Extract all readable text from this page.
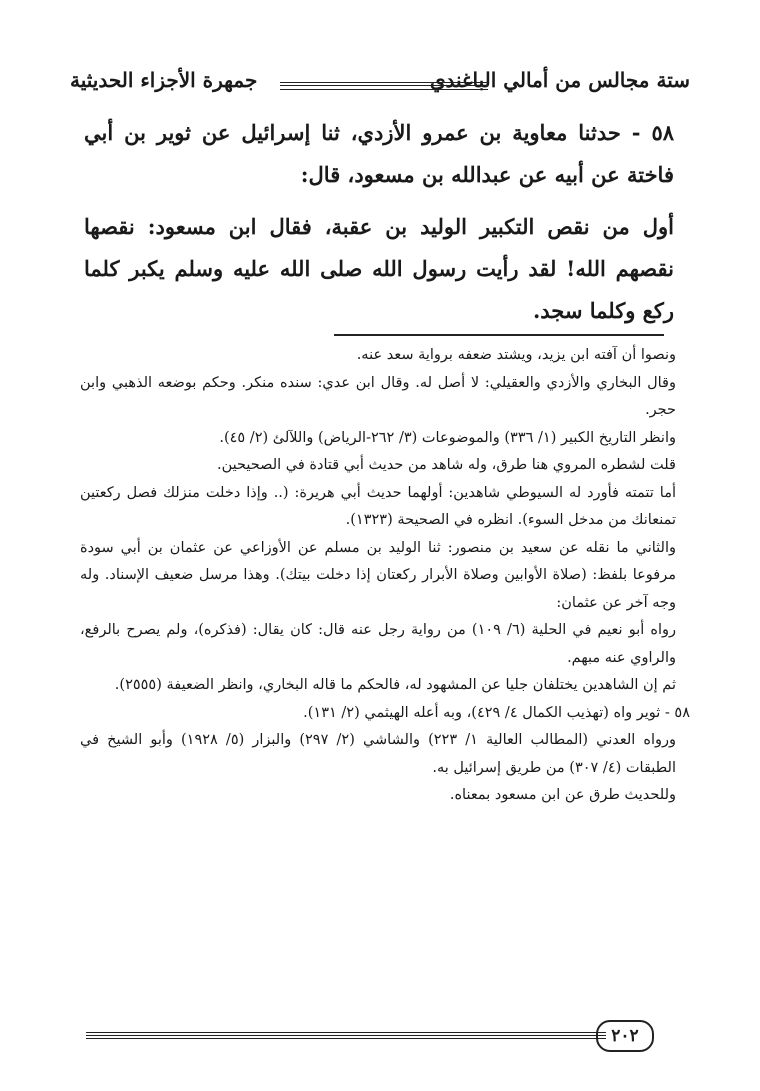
ستة مجالس من أمالي الباغندي
جمهرة الأجزاء الحديثية

٥٨ - حدثنا معاوية بن عمرو الأزدي، ثنا إسرائيل عن ثوير بن أبي فاختة عن أبيه عن عبدالله بن مسعود، قال:

أول من نقص التكبير الوليد بن عقبة، فقال ابن مسعود: نقصها نقصهم الله! لقد رأيت رسول الله صلى الله عليه وسلم يكبر كلما ركع وكلما سجد.

ونصوا أن آفته ابن يزيد، ويشتد ضعفه برواية سعد عنه.

وقال البخاري والأزدي والعقيلي: لا أصل له. وقال ابن عدي: سنده منكر. وحكم بوضعه الذهبي وابن حجر.

وانظر التاريخ الكبير (١/ ٣٣٦) والموضوعات (٣/ ٢٦٢-الرياض) واللآلئ (٢/ ٤٥).

قلت لشطره المروي هنا طرق، وله شاهد من حديث أبي قتادة في الصحيحين.

أما تتمته فأورد له السيوطي شاهدين: أولهما حديث أبي هريرة: (.. وإذا دخلت منزلك فصل ركعتين تمنعانك من مدخل السوء). انظره في الصحيحة (١٣٢٣).

والثاني ما نقله عن سعيد بن منصور: ثنا الوليد بن مسلم عن الأوزاعي عن عثمان بن أبي سودة مرفوعا بلفظ: (صلاة الأوابين وصلاة الأبرار ركعتان إذا دخلت بيتك). وهذا مرسل ضعيف الإسناد. وله وجه آخر عن عثمان:

رواه أبو نعيم في الحلية (٦/ ١٠٩) من رواية رجل عنه قال: كان يقال: (فذكره)، ولم يصرح بالرفع، والراوي عنه مبهم.

ثم إن الشاهدين يختلفان جليا عن المشهود له، فالحكم ما قاله البخاري، وانظر الضعيفة (٢٥٥٥).

٥٨ - ثوير واه (تهذيب الكمال ٤/ ٤٢٩)، وبه أعله الهيثمي (٢/ ١٣١).

ورواه العدني (المطالب العالية ١/ ٢٢٣) والشاشي (٢/ ٢٩٧) والبزار (٥/ ١٩٢٨) وأبو الشيخ في الطبقات (٤/ ٣٠٧) من طريق إسرائيل به.

وللحديث طرق عن ابن مسعود بمعناه.

٢٠٢
